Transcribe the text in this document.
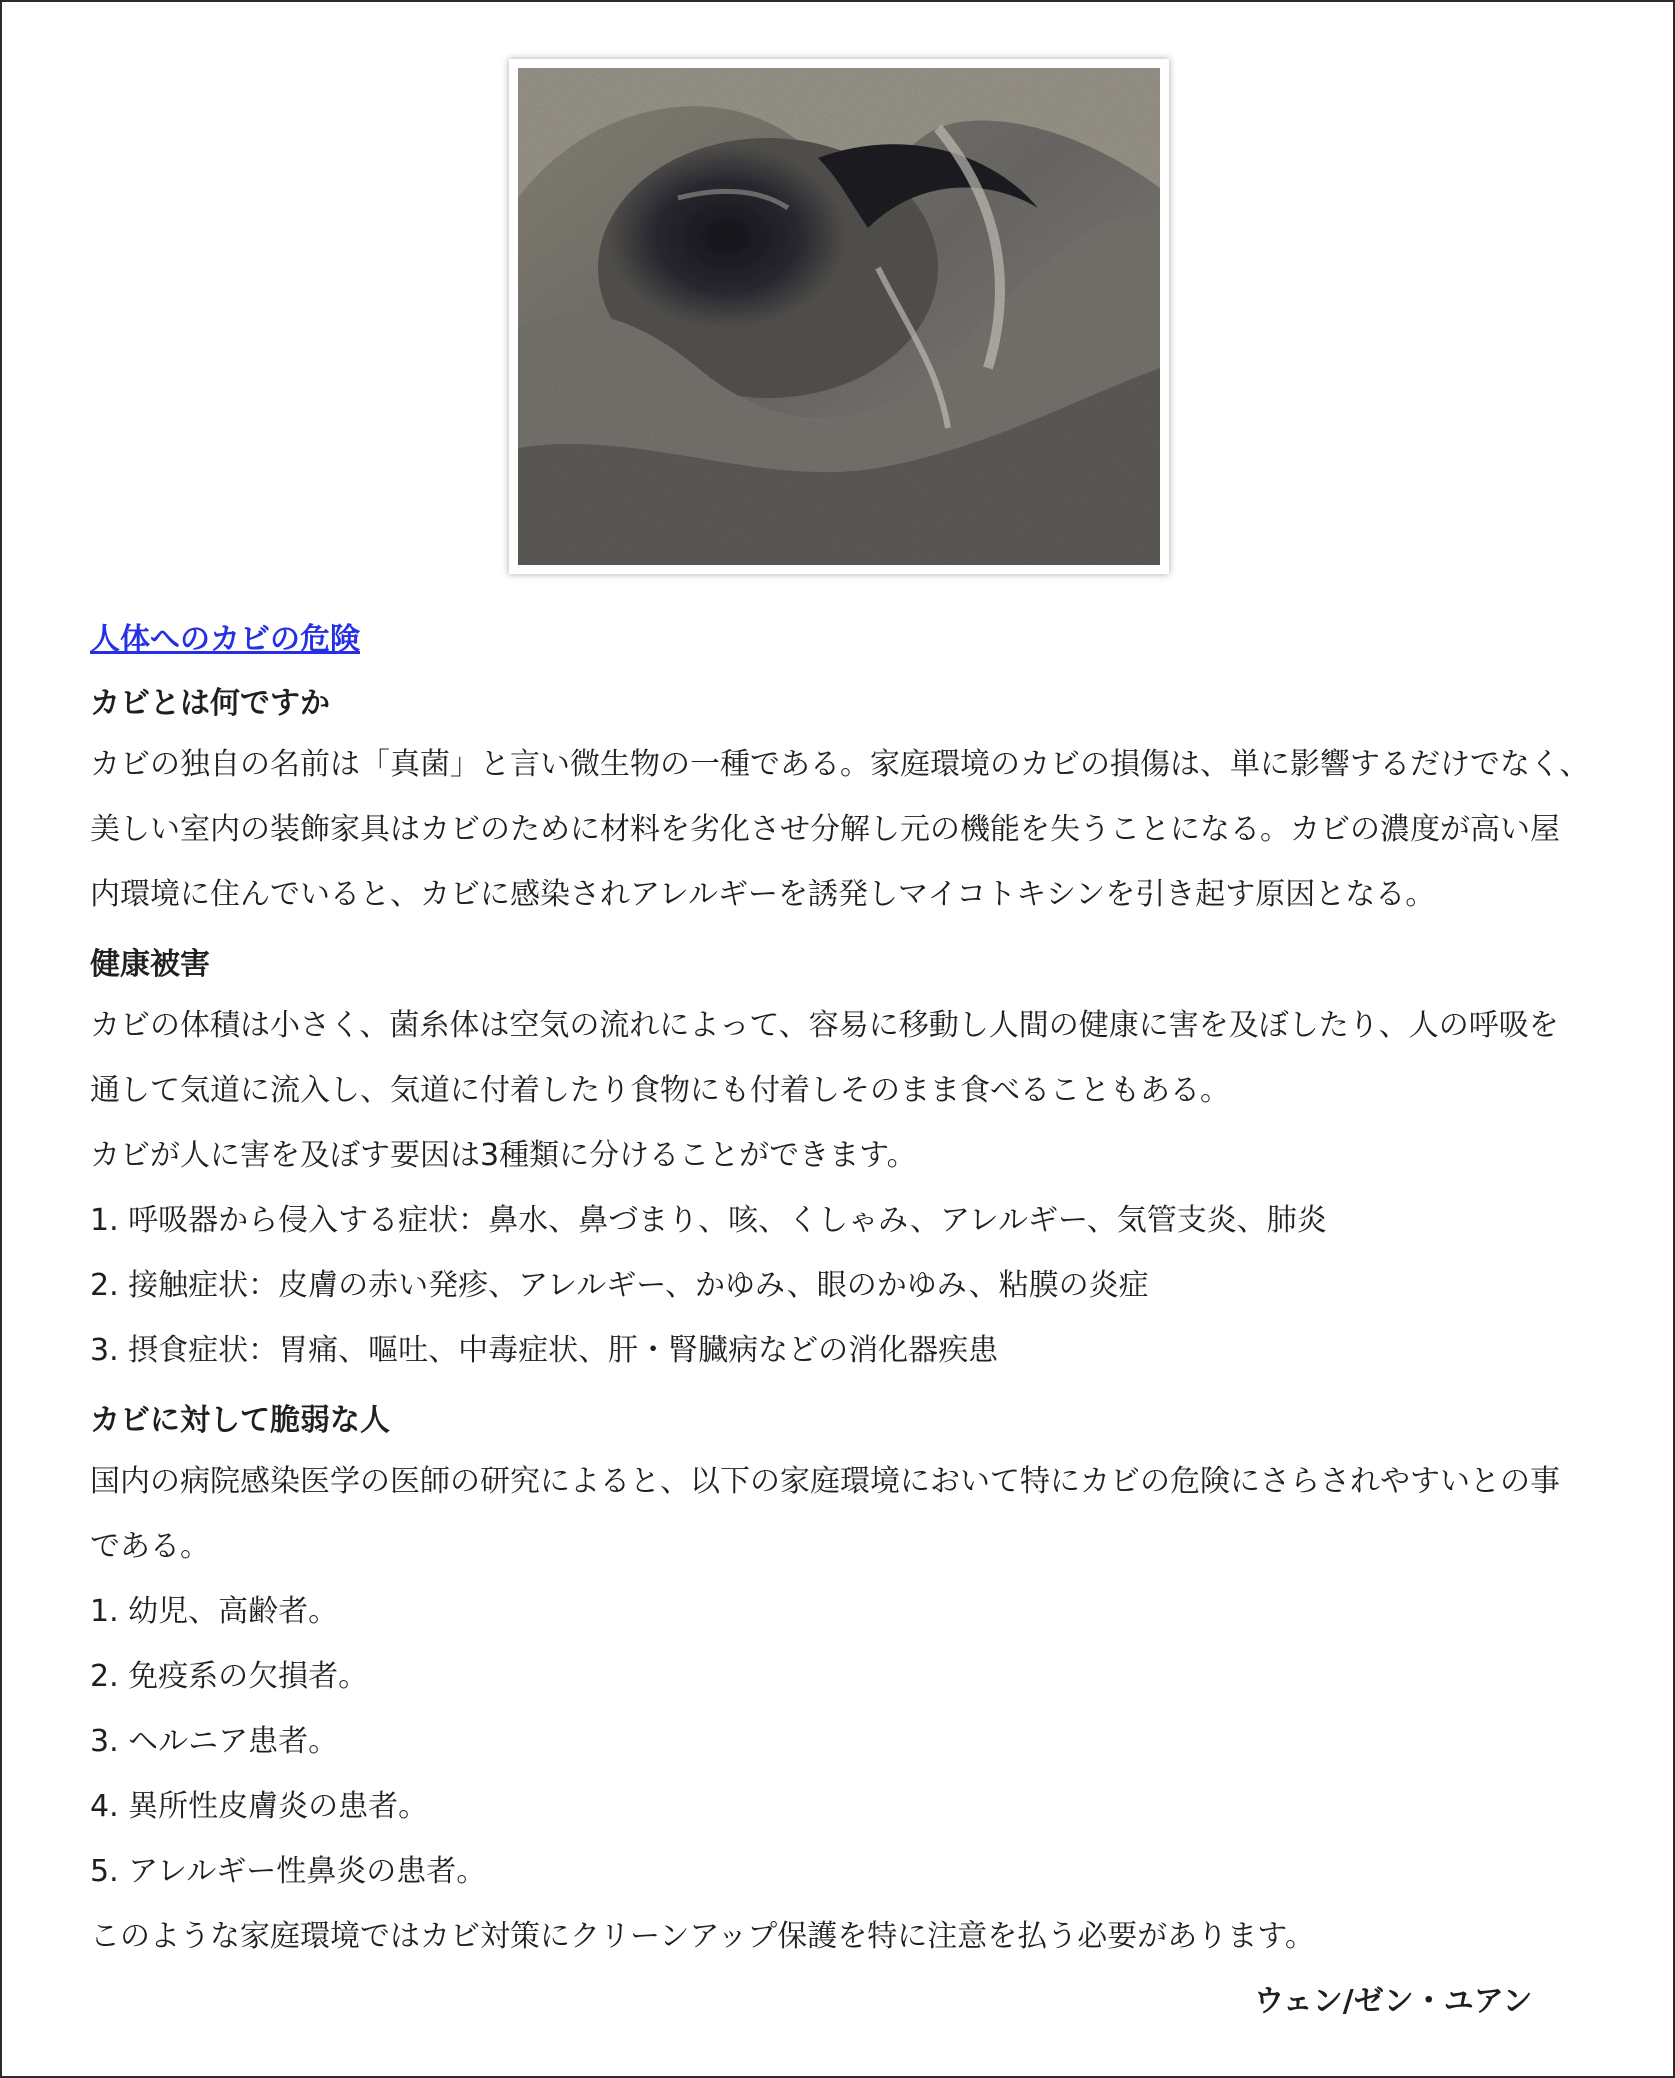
人体へのカビの危険
カビとは何ですか

カビの独自の名前は「真菌」と言い微生物の一種である。家庭環境のカビの損傷は、単に影響するだけでなく、

美しい室内の装飾家具はカビのために材料を劣化させ分解し元の機能を失うことになる。カビの濃度が高い屋

内環境に住んでいると、カビに感染されアレルギーを誘発しマイコトキシンを引き起す原因となる。

健康被害

カビの体積は小さく、菌糸体は空気の流れによって、容易に移動し人間の健康に害を及ぼしたり、人の呼吸を

通して気道に流入し、気道に付着したり食物にも付着しそのまま食べることもある。

カビが人に害を及ぼす要因は3種類に分けることができます。

1. 呼吸器から侵入する症状：鼻水、鼻づまり、咳、くしゃみ、アレルギー、気管支炎、肺炎

2. 接触症状：皮膚の赤い発疹、アレルギー、かゆみ、眼のかゆみ、粘膜の炎症

3. 摂食症状：胃痛、嘔吐、中毒症状、肝・腎臓病などの消化器疾患

カビに対して脆弱な人

国内の病院感染医学の医師の研究によると、以下の家庭環境において特にカビの危険にさらされやすいとの事

である。

1. 幼児、高齢者。

2. 免疫系の欠損者。

3. ヘルニア患者。

4. 異所性皮膚炎の患者。

5. アレルギー性鼻炎の患者。

このような家庭環境ではカビ対策にクリーンアップ保護を特に注意を払う必要があります。

ウェン/ゼン・ユアン
